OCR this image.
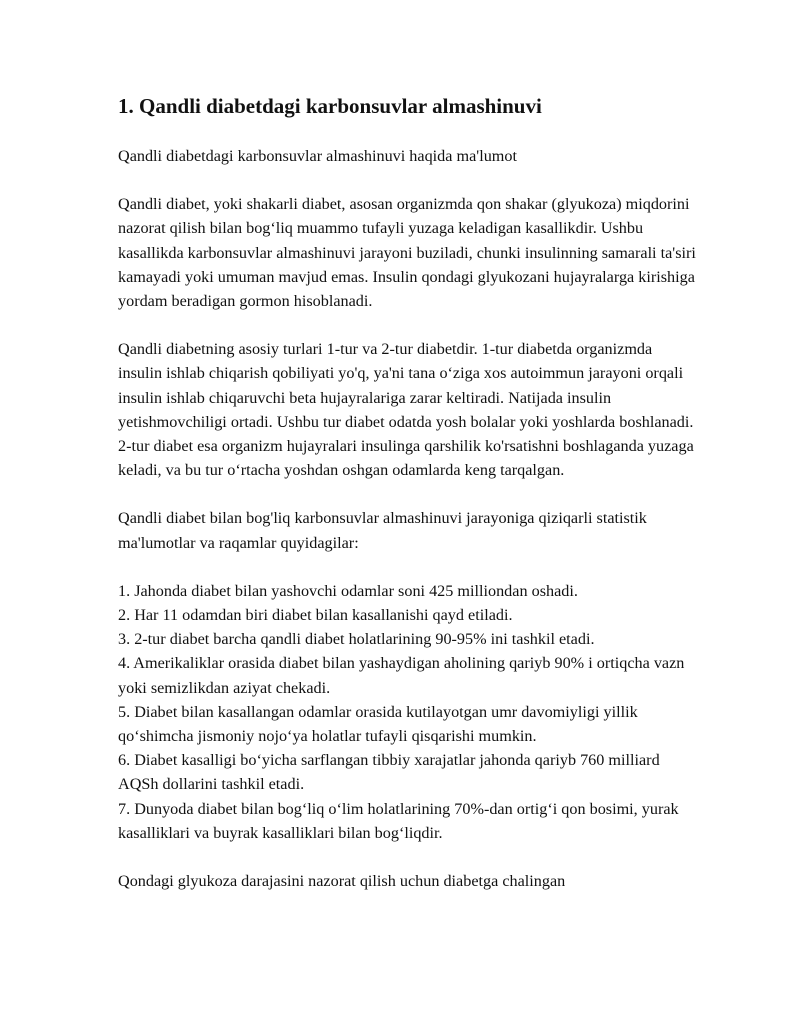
1. Qandli diabetdagi karbonsuvlar almashinuvi

Qandli diabetdagi karbonsuvlar almashinuvi haqida ma'lumot

Qandli diabet, yoki shakarli diabet, asosan organizmda qon shakar (glyukoza) miqdorini nazorat qilish bilan bog‘liq muammo tufayli yuzaga keladigan kasallikdir. Ushbu kasallikda karbonsuvlar almashinuvi jarayoni buziladi, chunki insulinning samarali ta'siri kamayadi yoki umuman mavjud emas. Insulin qondagi glyukozani hujayralarga kirishiga yordam beradigan gormon hisoblanadi.

Qandli diabetning asosiy turlari 1-tur va 2-tur diabetdir. 1-tur diabetda organizmda insulin ishlab chiqarish qobiliyati yo'q, ya'ni tana o‘ziga xos autoimmun jarayoni orqali insulin ishlab chiqaruvchi beta hujayralariga zarar keltiradi. Natijada insulin yetishmovchiligi ortadi. Ushbu tur diabet odatda yosh bolalar yoki yoshlarda boshlanadi. 2-tur diabet esa organizm hujayralari insulinga qarshilik ko'rsatishni boshlaganda yuzaga keladi, va bu tur o‘rtacha yoshdan oshgan odamlarda keng tarqalgan.

Qandli diabet bilan bog'liq karbonsuvlar almashinuvi jarayoniga qiziqarli statistik ma'lumotlar va raqamlar quyidagilar:

1. Jahonda diabet bilan yashovchi odamlar soni 425 milliondan oshadi.

2. Har 11 odamdan biri diabet bilan kasallanishi qayd etiladi.

3. 2-tur diabet barcha qandli diabet holatlarining 90-95% ini tashkil etadi.

4. Amerikaliklar orasida diabet bilan yashaydigan aholining qariyb 90% i ortiqcha vazn yoki semizlikdan aziyat chekadi.

5. Diabet bilan kasallangan odamlar orasida kutilayotgan umr davomiyligi yillik qo‘shimcha jismoniy nojo‘ya holatlar tufayli qisqarishi mumkin.

6. Diabet kasalligi bo‘yicha sarflangan tibbiy xarajatlar jahonda qariyb 760 milliard AQSh dollarini tashkil etadi.

7. Dunyoda diabet bilan bog‘liq o‘lim holatlarining 70%-dan ortig‘i qon bosimi, yurak kasalliklari va buyrak kasalliklari bilan bog‘liqdir.

Qondagi glyukoza darajasini nazorat qilish uchun diabetga chalingan
